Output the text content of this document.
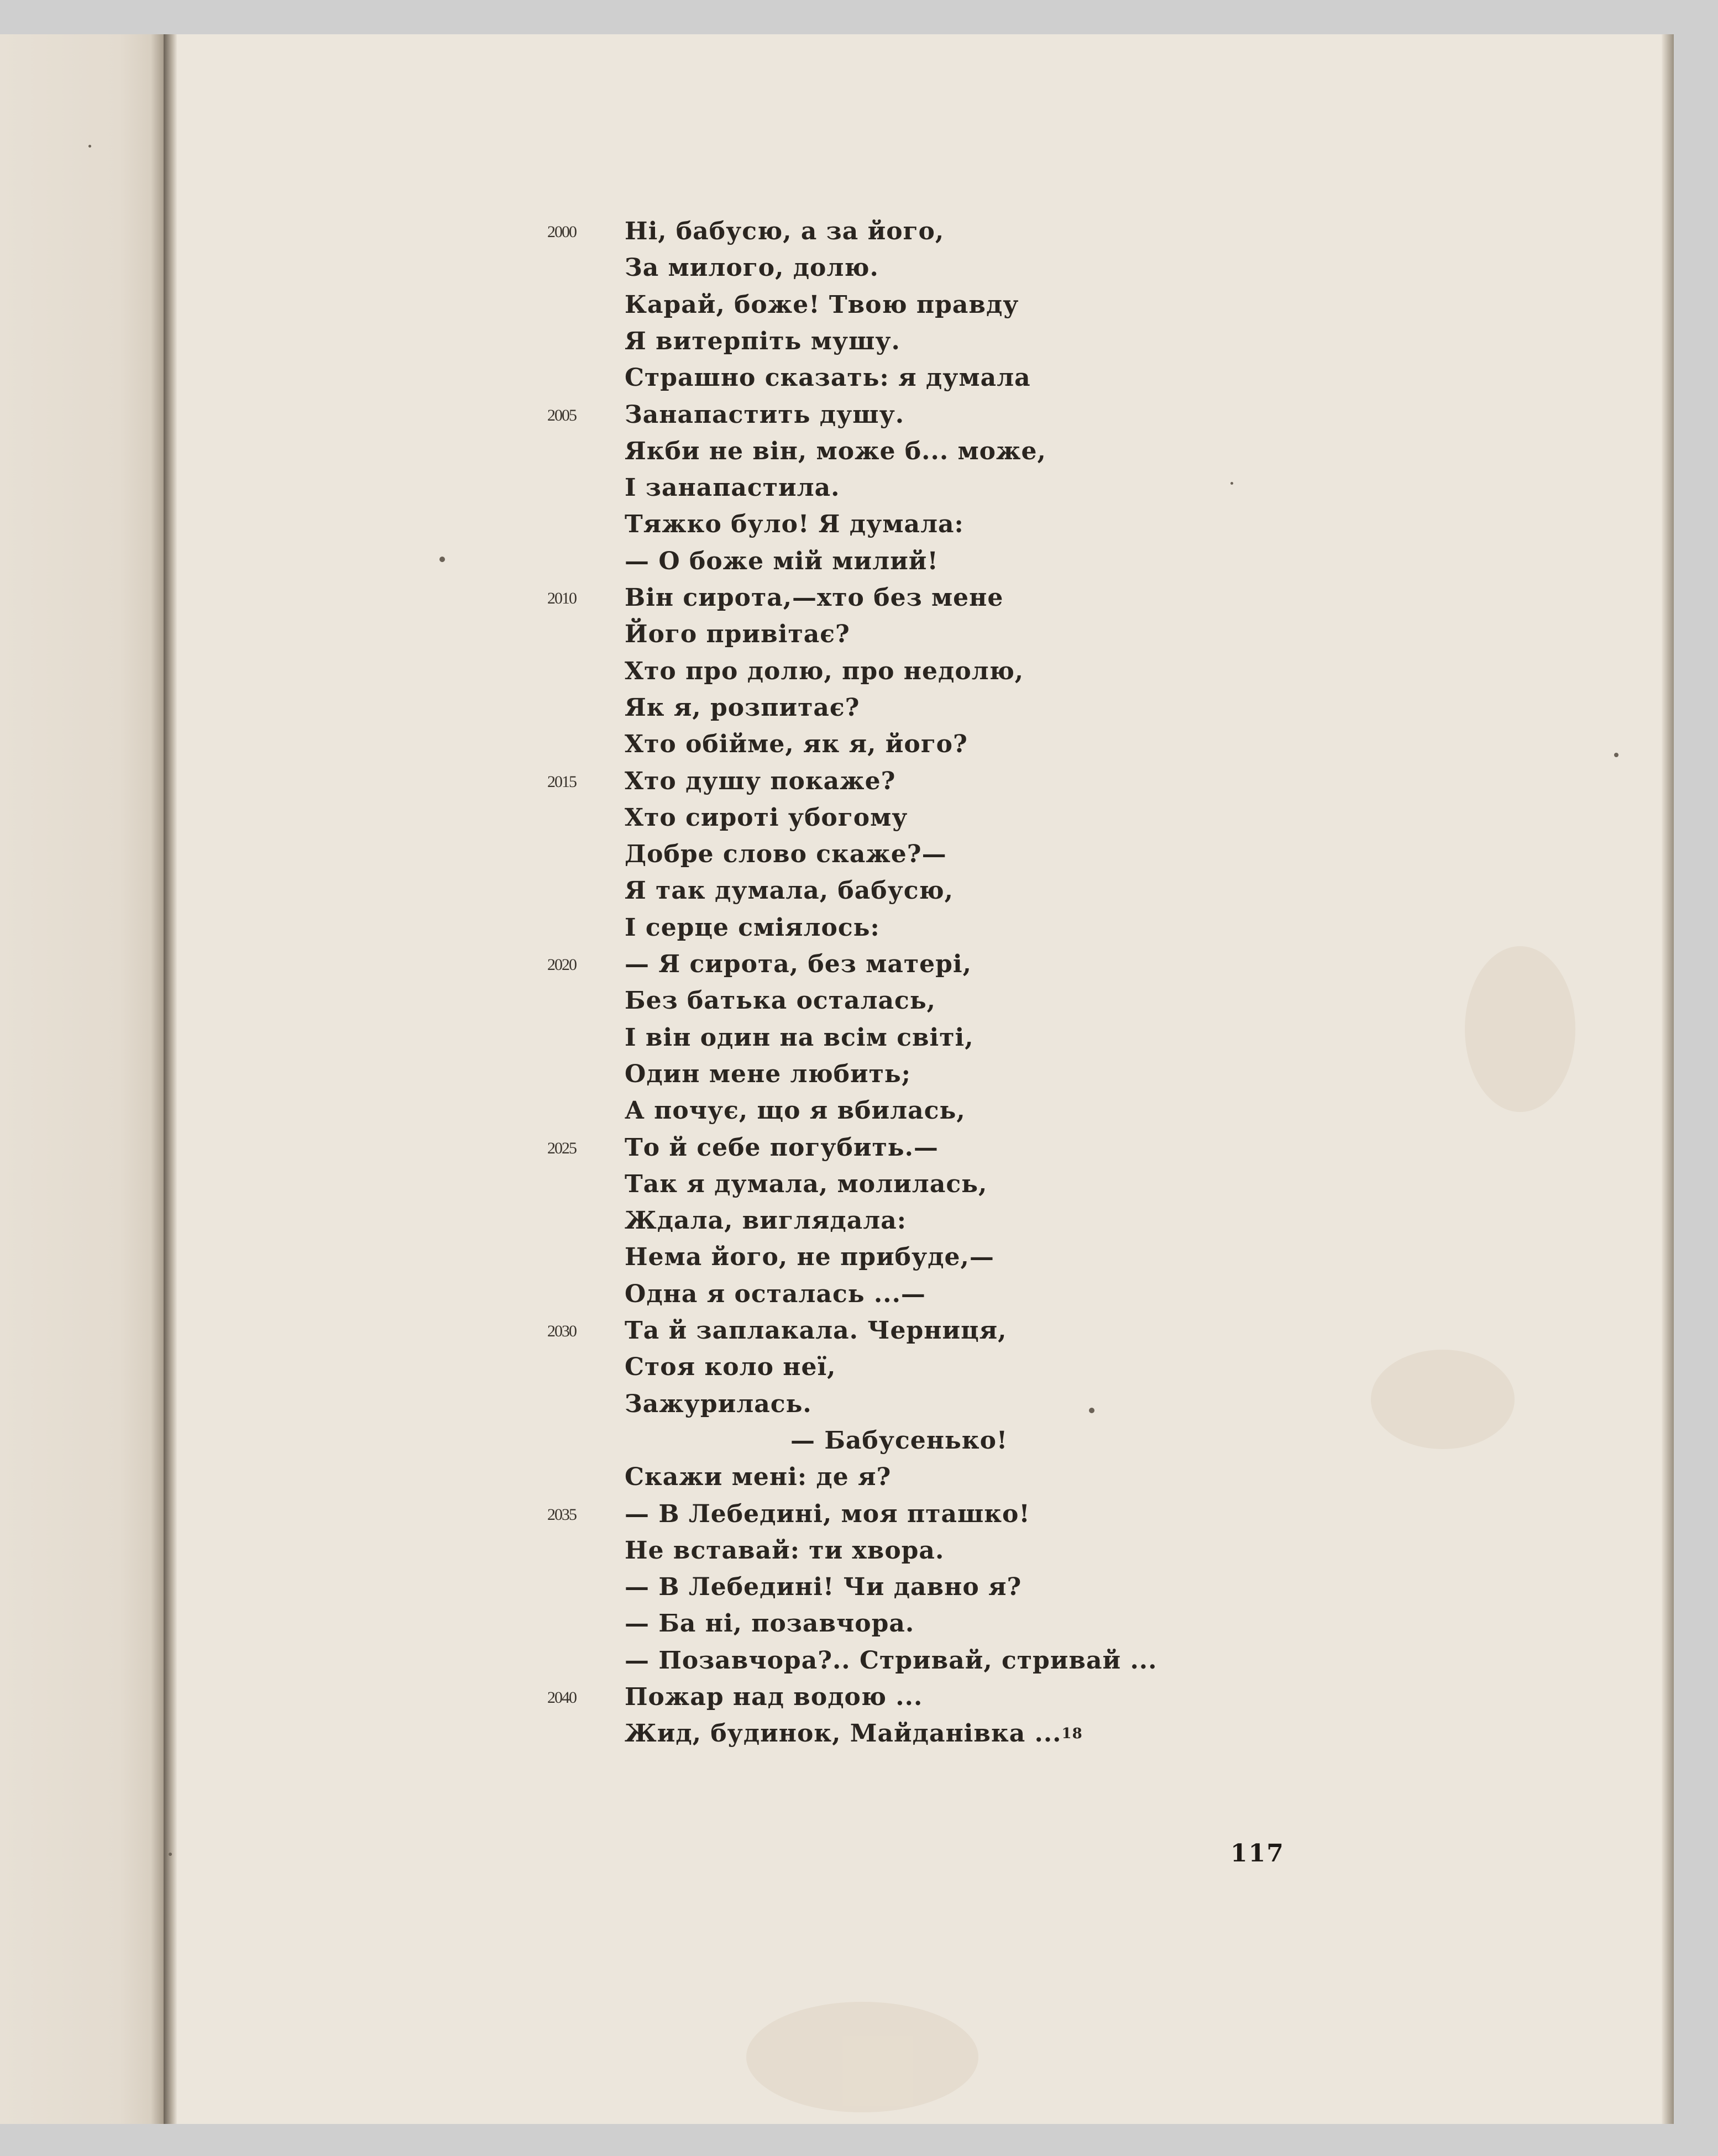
Ні, бабусю, а за його,
2000
За милого, долю.
Карай, боже! Твою правду
Я витерпіть мушу.
Страшно сказать: я думала
Занапастить душу.
2005
Якби не він, може б... може,
І занапастила.
Тяжко було! Я думала:
— О боже мій милий!
Він сирота,—хто без мене
2010
Його привітає?
Хто про долю, про недолю,
Як я, розпитає?
Хто обійме, як я, його?
Хто душу покаже?
2015
Хто сироті убогому
Добре слово скаже?—
Я так думала, бабусю,
І серце сміялось:
— Я сирота, без матері,
2020
Без батька осталась,
І він один на всім світі,
Один мене любить;
А почує, що я вбилась,
То й себе погубить.—
2025
Так я думала, молилась,
Ждала, виглядала:
Нема його, не прибуде,—
Одна я осталась ...—
Та й заплакала. Черниця,
2030
Стоя коло неї,
Зажурилась.
— Бабусенько!
Скажи мені: де я?
— В Лебедині, моя пташко!
2035
Не вставай: ти хвора.
— В Лебедині! Чи давно я?
— Ба ні, позавчора.
— Позавчора?.. Стривай, стривай ...
Пожар над водою ...
2040
Жид, будинок, Майданівка ...$^{18}$
117
